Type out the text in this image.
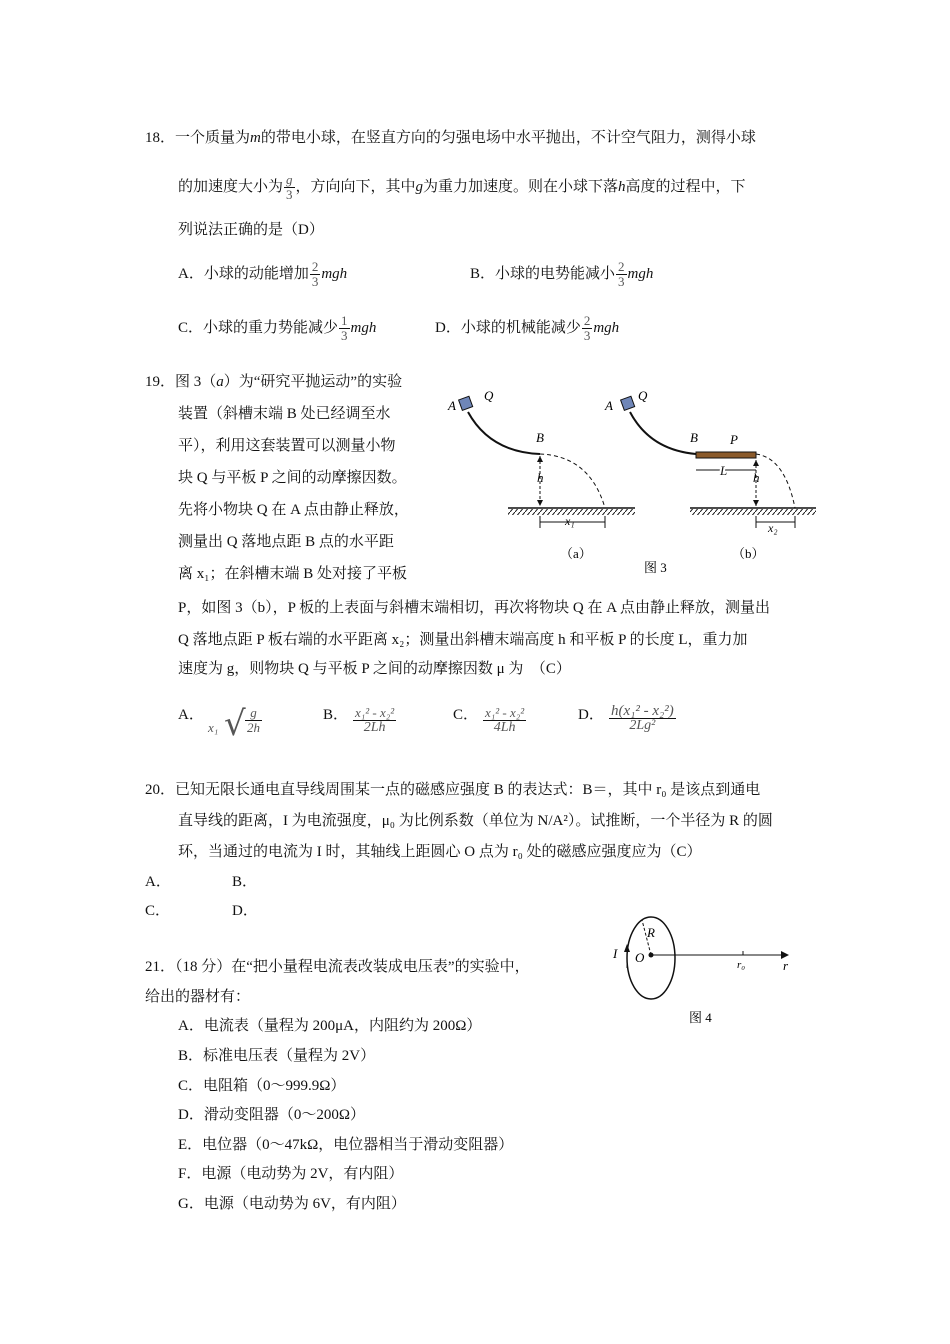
18．一个质量为m的带电小球，在竖直方向的匀强电场中水平抛出，不计空气阻力，测得小球
的加速度大小为 $\frac{g}{3}$ ，方向向下，其中g为重力加速度。则在小球下落h高度的过程中，下
列说法正确的是（D）
A．小球的动能增加 $\frac{2}{3}$ mgh	B．小球的电势能减小 $\frac{2}{3}$ mgh
C．小球的重力势能减少 $\frac{1}{3}$ mgh	D．小球的机械能减少 $\frac{2}{3}$ mgh
19．图 3（a）为“研究平抛运动”的实验
装置（斜槽末端 B 处已经调至水
平），利用这套装置可以测量小物
块 Q 与平板 P 之间的动摩擦因数。
先将小物块 Q 在 A 点由静止释放，
测量出 Q 落地点距 B 点的水平距
离 x₁；在斜槽末端 B 处对接了平板
P，如图 3（b），P 板的上表面与斜槽末端相切，再次将物块 Q 在 A 点由静止释放，测量出
Q 落地点距 P 板右端的水平距离 x₂；测量出斜槽末端高度 h 和平板 P 的长度 L，重力加
速度为 g，则物块 Q 与平板 P 之间的动摩擦因数 μ 为　（C）
A
Q
B
h
x₁
（a）
A
Q
B P
L h
x₂
（b）
图 3
A．
x₁ √ $\frac{g}{2h}$	B． $\frac{\text{x₁² - x₂²}}{2Lh}$	C． $\frac{\text{x₁² - x₂²}}{4Lh}$	D． $\frac{\text{h(x₁² - x₂²)}}{\text{2Lg²}}$
20．已知无限长通电直导线周围某一点的磁感应强度 B 的表达式：B＝，其中 r₀ 是该点到通电
直导线的距离，I 为电流强度，μ₀ 为比例系数（单位为 N/A²）。试推断，一个半径为 R 的圆
环，当通过的电流为 I 时，其轴线上距圆心 O 点为 r₀ 处的磁感应强度应为（C）
A．	B．
C．	D．
I O
R
r₀	r
图 4
21．（18 分）在“把小量程电流表改装成电压表”的实验中，
给出的器材有：
A．电流表（量程为 200μA，内阻约为 200Ω）
B．标准电压表（量程为 2V）
C．电阻箱（0～999.9Ω）
D．滑动变阻器（0～200Ω）
E．电位器（0～47kΩ，电位器相当于滑动变阻器）
F．电源（电动势为 2V，有内阻）
G．电源（电动势为 6V，有内阻）
